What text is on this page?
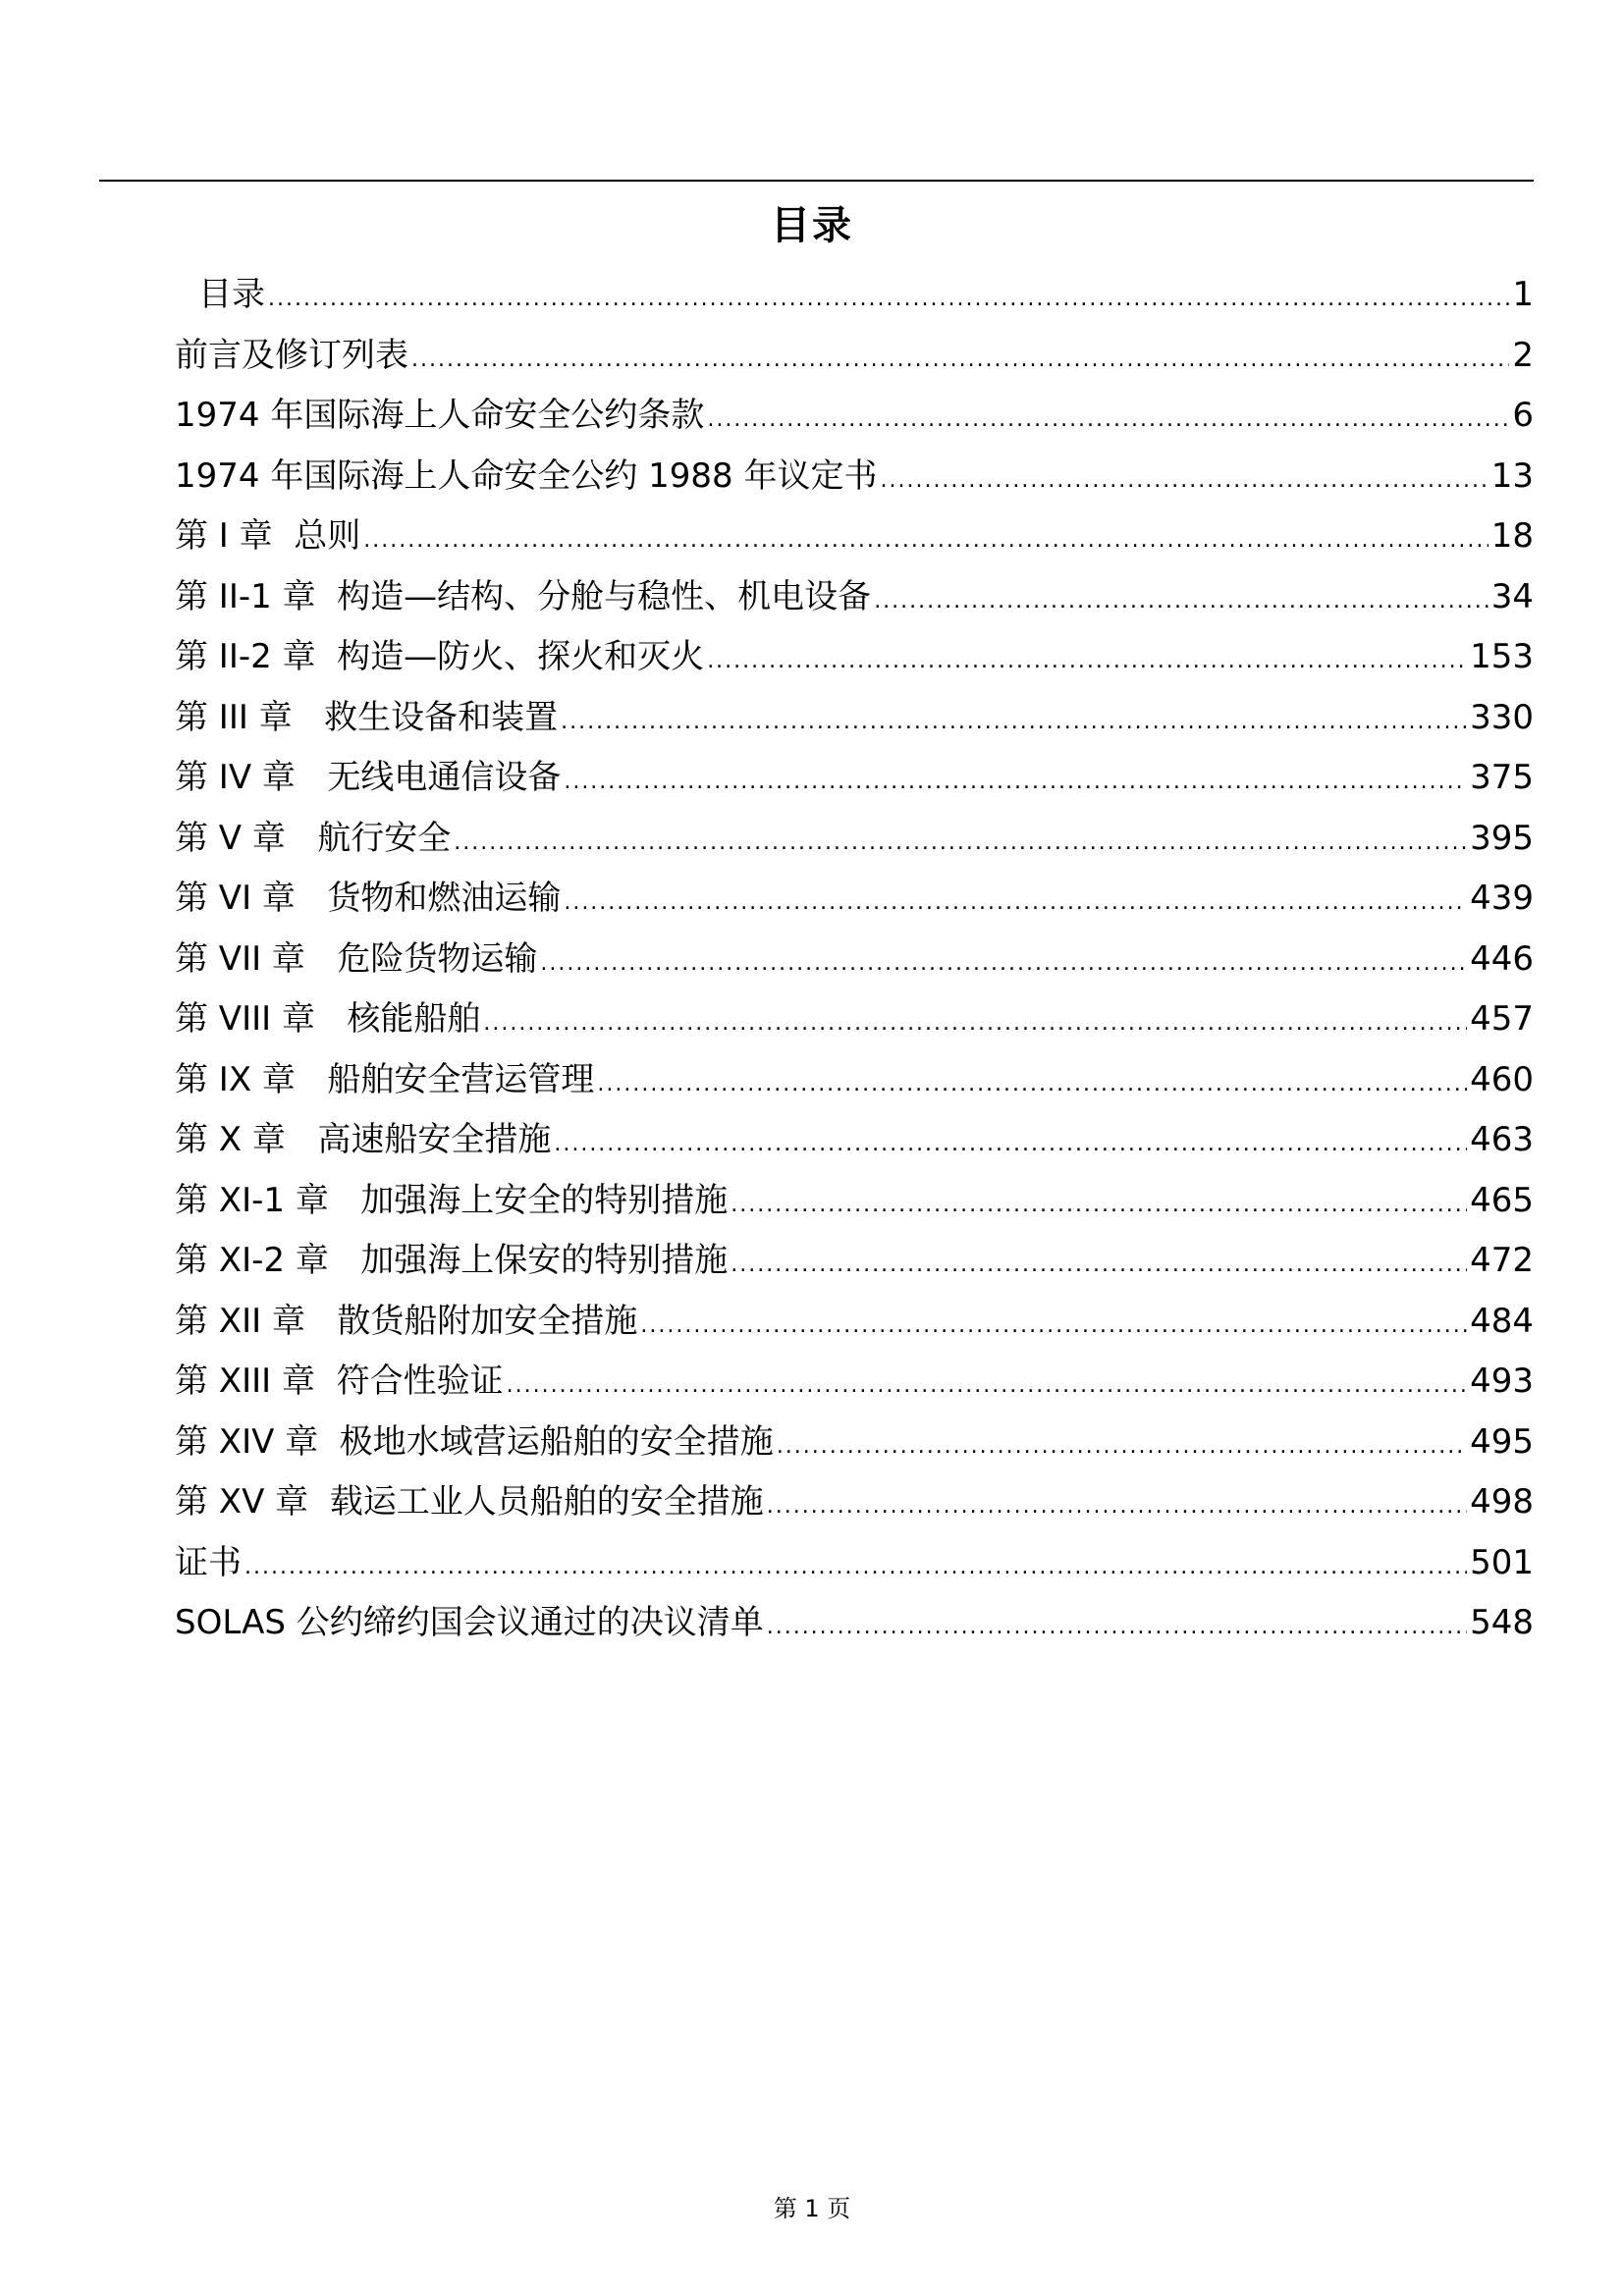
目录
目录 .....	1
前言及修订列表 .....	2
1974 年国际海上人命安全公约条款 .....	6
1974 年国际海上人命安全公约 1988 年议定书 .....	13
第 I 章  总则 .....	18
第 II-1 章  构造—结构、分舱与稳性、机电设备 .....	34
第 II-2 章  构造—防火、探火和灭火 .....	153
第 III 章   救生设备和装置 .....	330
第 IV 章   无线电通信设备 .....	375
第 V 章   航行安全 .....	395
第 VI 章   货物和燃油运输 .....	439
第 VII 章   危险货物运输 .....	446
第 VIII 章   核能船舶 .....	457
第 IX 章   船舶安全营运管理 .....	460
第 X 章   高速船安全措施 .....	463
第 XI-1 章   加强海上安全的特别措施 .....	465
第 XI-2 章   加强海上保安的特别措施 .....	472
第 XII 章   散货船附加安全措施 .....	484
第 XIII 章  符合性验证 .....	493
第 XIV 章  极地水域营运船舶的安全措施 .....	495
第 XV 章  载运工业人员船舶的安全措施 .....	498
证书 .....	501
SOLAS 公约缔约国会议通过的决议清单 .....	548
第 1 页
